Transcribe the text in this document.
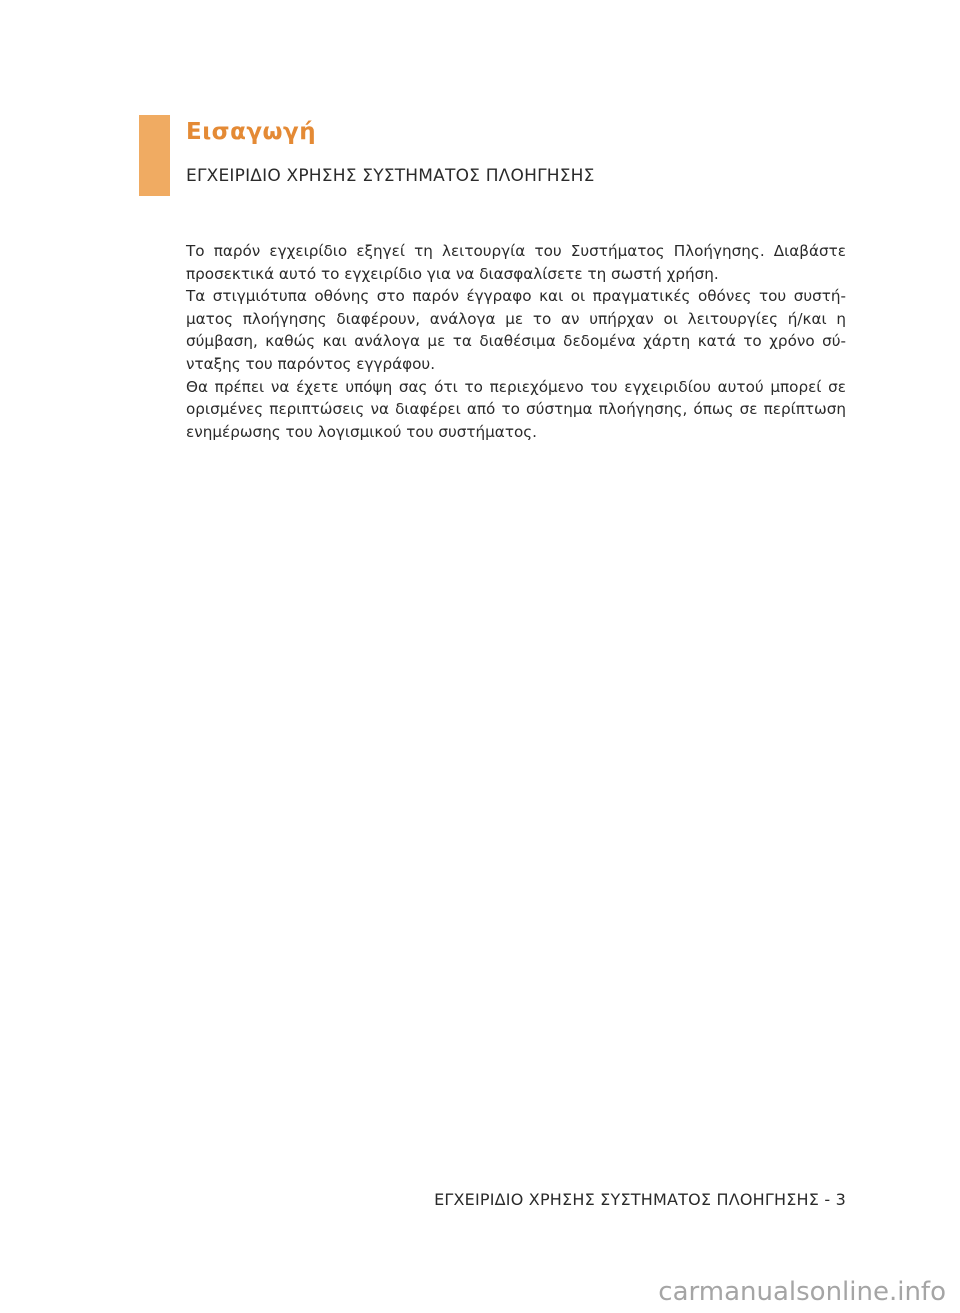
Εισαγωγή

ΕΓΧΕΙΡΙΔΙΟ ΧΡΗΣΗΣ ΣΥΣΤΗΜΑΤΟΣ ΠΛΟΗΓΗΣΗΣ

Το παρόν εγχειρίδιο εξηγεί τη λειτουργία του Συστήματος Πλοήγησης. Διαβάστε προσεκτικά αυτό το εγχειρίδιο για να διασφαλίσετε τη σωστή χρήση.

Τα στιγμιότυπα οθόνης στο παρόν έγγραφο και οι πραγματικές οθόνες του συστήματος πλοήγησης διαφέρουν, ανάλογα με το αν υπήρχαν οι λειτουργίες ή/και η σύμβαση, καθώς και ανάλογα με τα διαθέσιμα δεδομένα χάρτη κατά το χρόνο σύνταξης του παρόντος εγγράφου.

Θα πρέπει να έχετε υπόψη σας ότι το περιεχόμενο του εγχειριδίου αυτού μπορεί σε ορισμένες περιπτώσεις να διαφέρει από το σύστημα πλοήγησης, όπως σε περίπτωση ενημέρωσης του λογισμικού του συστήματος.

ΕΓΧΕΙΡΙΔΙΟ ΧΡΗΣΗΣ ΣΥΣΤΗΜΑΤΟΣ ΠΛΟΗΓΗΣΗΣ - 3

carmanualsonline.info
